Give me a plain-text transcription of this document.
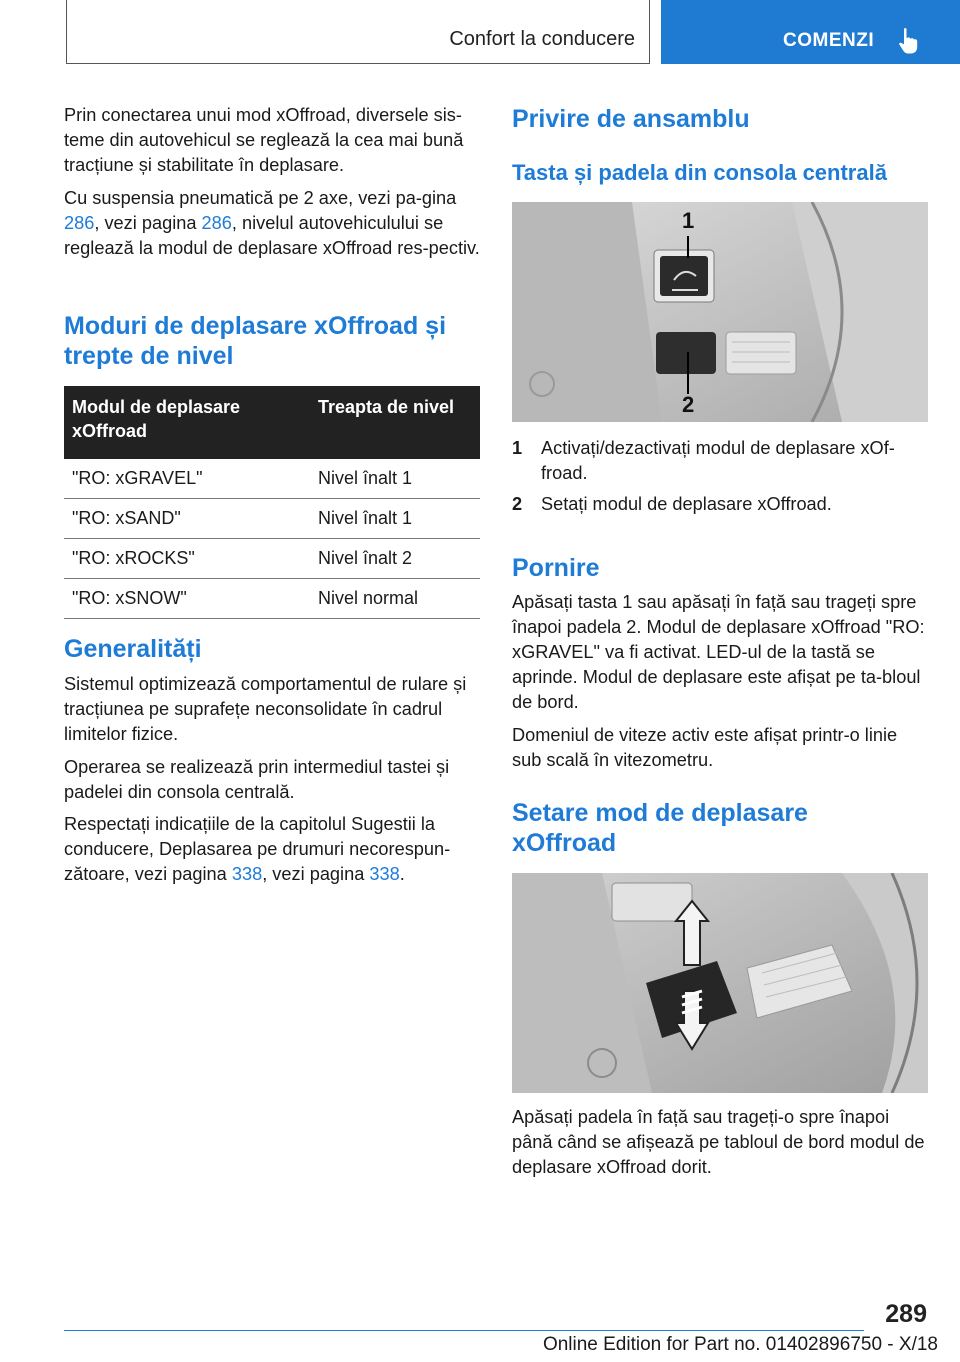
Confort la conducere	COMENZI

Prin conectarea unui mod xOffroad, diversele sis-teme din autovehicul se reglează la cea mai bună tracțiune și stabilitate în deplasare.

Cu suspensia pneumatică pe 2 axe, vezi pa-gina 286, vezi pagina 286, nivelul autovehiculului se reglează la modul de deplasare xOffroad res-pectiv.

Moduri de deplasare xOffroad și
trepte de nivel
Modul de deplasare xOffroad	Treapta de nivel
"RO: xGRAVEL"	Nivel înalt 1
"RO: xSAND"	Nivel înalt 1
"RO: xROCKS"	Nivel înalt 2
"RO: xSNOW"	Nivel normal
Generalități

Sistemul optimizează comportamentul de rulare și tracțiunea pe suprafețe neconsolidate în cadrul limitelor fizice.

Operarea se realizează prin intermediul tastei și padelei din consola centrală.

Respectați indicațiile de la capitolul Sugestii la conducere, Deplasarea pe drumuri necorespun-zătoare, vezi pagina 338, vezi pagina 338.

Privire de ansamblu
Tasta și padela din consola centrală
1
2
1 Activați/dezactivați modul de deplasare xOf-froad.
2 Setați modul de deplasare xOffroad.
Pornire

Apăsați tasta 1 sau apăsați în față sau trageți spre înapoi padela 2. Modul de deplasare xOffroad "RO: xGRAVEL" va fi activat. LED-ul de la tastă se aprinde. Modul de deplasare este afișat pe ta-bloul de bord.

Domeniul de viteze activ este afișat printr-o linie sub scală în vitezometru.

Setare mod de deplasare
xOffroad

Apăsați padela în față sau trageți-o spre înapoi până când se afișează pe tabloul de bord modul de deplasare xOffroad dorit.

289
Online Edition for Part no. 01402896750 - X/18
